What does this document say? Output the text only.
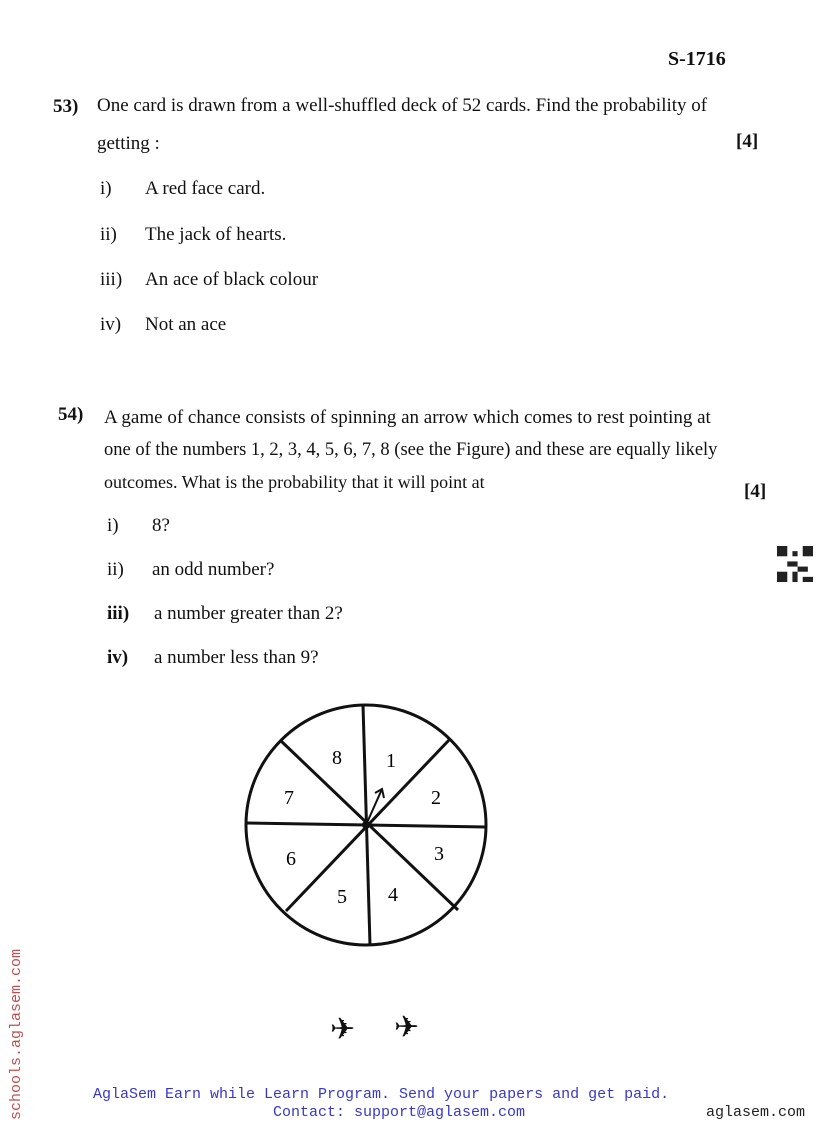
S-1716
53) One card is drawn from a well-shuffled deck of 52 cards. Find the probability of
getting :	[4]
i) A red face card.
ii) The jack of hearts.
iii) An ace of black colour
iv) Not an ace
54) A game of chance consists of spinning an arrow which comes to rest pointing at
one of the numbers 1, 2, 3, 4, 5, 6, 7, 8 (see the Figure) and these are equally likely
outcomes. What is the probability that it will point at	[4]
i) 8?
ii) an odd number?
iii) a number greater than 2?
iv) a number less than 9?
1
2
3
4
5
6
7
8
✈ ✈
schools.aglasem.com	AglaSem Earn while Learn Program. Send your papers and get paid.
Contact: support@aglasem.com	aglasem.com
